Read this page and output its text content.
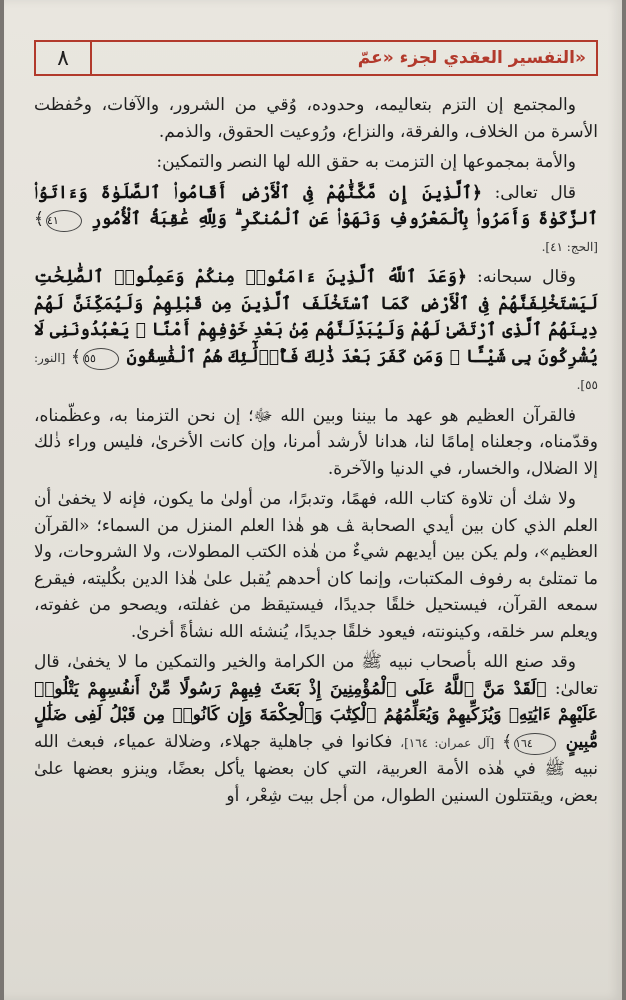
٨	التفسير العقدي لجزء «عمّ»

والمجتمع إن التزم بتعاليمه، وحدوده، وُقي من الشرور، والآفات، وحُفظت الأسرة من الخلاف، والفرقة، والنزاع، ورُوعيت الحقوق، والذمم.

والأمة بمجموعها إن التزمت به حقق الله لها النصر والتمكين:

قال تعالى: ﴿ٱلَّذِينَ إِن مَّكَّنَّٰهُمْ فِى ٱلْأَرْضِ أَقَامُوا۟ ٱلصَّلَوٰةَ وَءَاتَوُا۟ ٱلزَّكَوٰةَ وَأَمَرُوا۟ بِٱلْمَعْرُوفِ وَنَهَوْا۟ عَنِ ٱلْمُنكَرِ ۗ وَلِلَّهِ عَٰقِبَةُ ٱلْأُمُورِ ٤١﴾ [الحج: ٤١].

وقال سبحانه: ﴿وَعَدَ ٱللَّهُ ٱلَّذِينَ ءَامَنُوا۟ مِنكُمْ وَعَمِلُوا۟ ٱلصَّٰلِحَٰتِ لَيَسْتَخْلِفَنَّهُمْ فِى ٱلْأَرْضِ كَمَا ٱسْتَخْلَفَ ٱلَّذِينَ مِن قَبْلِهِمْ وَلَيُمَكِّنَنَّ لَهُمْ دِينَهُمُ ٱلَّذِى ٱرْتَضَىٰ لَهُمْ وَلَيُبَدِّلَنَّهُم مِّنۢ بَعْدِ خَوْفِهِمْ أَمْنًا ۚ يَعْبُدُونَنِى لَا يُشْرِكُونَ بِى شَيْـًٔا ۚ وَمَن كَفَرَ بَعْدَ ذَٰلِكَ فَأُو۟لَٰٓئِكَ هُمُ ٱلْفَٰسِقُونَ ٥٥﴾ [النور: ٥٥].

فالقرآن العظيم هو عهد ما بيننا وبين الله ﷻ؛ إن نحن التزمنا به، وعظّمناه، وقدّمناه، وجعلناه إمامًا لنا، هدانا لأرشد أمرنا، وإن كانت الأخرىٰ، فليس وراء ذٰلك إلا الضلال، والخسار، في الدنيا والآخرة.

ولا شك أن تلاوة كتاب الله، فهمًا، وتدبرًا، من أولىٰ ما يكون، فإنه لا يخفىٰ أن العلم الذي كان بين أيدي الصحابة ﭫ هو هٰذا العلم المنزل من السماء؛ «القرآن العظيم»، ولم يكن بين أيديهم شيءٌ من هٰذه الكتب المطولات، ولا الشروحات، ولا ما تمتلئ به رفوف المكتبات، وإنما كان أحدهم يُقبل علىٰ هٰذا الدين بكُليته، فيقرع سمعه القرآن، فيستحيل خلقًا جديدًا، فيستيقظ من غفلته، ويصحو من غفوته، ويعلم سر خلقه، وكينونته، فيعود خلقًا جديدًا، يُنشئه الله نشأةً أخرىٰ.

وقد صنع الله بأصحاب نبيه ﷺ من الكرامة والخير والتمكين ما لا يخفىٰ، قال تعالىٰ: ﴿لَقَدْ مَنَّ ٱللَّهُ عَلَى ٱلْمُؤْمِنِينَ إِذْ بَعَثَ فِيهِمْ رَسُولًا مِّنْ أَنفُسِهِمْ يَتْلُوا۟ عَلَيْهِمْ ءَايَٰتِهِۦ وَيُزَكِّيهِمْ وَيُعَلِّمُهُمُ ٱلْكِتَٰبَ وَٱلْحِكْمَةَ وَإِن كَانُوا۟ مِن قَبْلُ لَفِى ضَلَٰلٍ مُّبِينٍ ١٦٤﴾ [آل عمران: ١٦٤]، فكانوا في جاهلية جهلاء، وضلالة عمياء، فبعث الله نبيه ﷺ في هٰذه الأمة العربية، التي كان بعضها يأكل بعضًا، وينزو بعضها علىٰ بعض، ويقتتلون السنين الطوال، من أجل بيت شِعْر، أو
